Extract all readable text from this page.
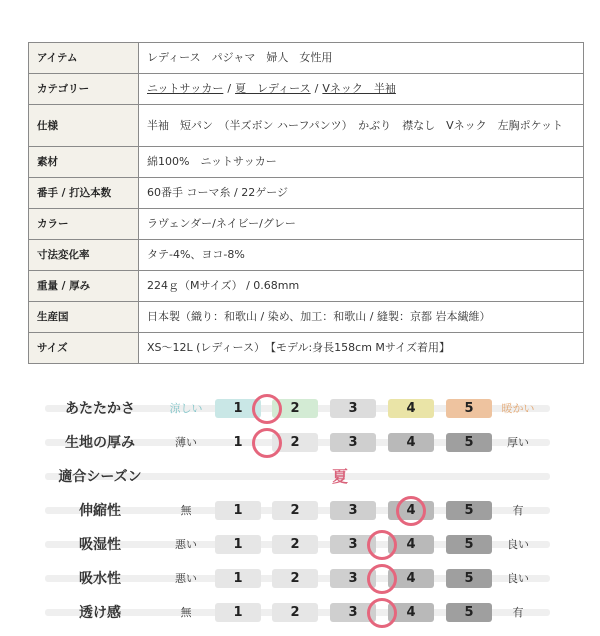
アイテム	レディース　パジャマ　婦人　女性用
カテゴリー	ニットサッカー / 夏　レディース / Vネック　半袖
仕様	半袖　短パン　（半ズボン ハーフパンツ）　かぶり　襟なし　Vネック　左胸ポケット
素材	綿100%　ニットサッカー
番手 / 打込本数	60番手 コーマ糸 / 22ゲージ
カラー	ラヴェンダー/ネイビー/グレー
寸法変化率	タテ-4%、ヨコ-8%
重量 / 厚み	224ｇ（Mサイズ） / 0.68mm
生産国	日本製（織り：和歌山 / 染め、加工：和歌山 / 縫製：京都 岩本繊維）
サイズ	XS～12L (レディース）　【モデル:身長158cm Mサイズ着用】
あたたかさ	涼しい	1	2	3	4	5	暖かい
生地の厚み	薄い	1	2	3	4	5	厚い
適合シーズン	夏
伸縮性	無	1	2	3	4	5	有
吸湿性	悪い	1	2	3	4	5	良い
吸水性	悪い	1	2	3	4	5	良い
透け感	無	1	2	3	4	5	有
